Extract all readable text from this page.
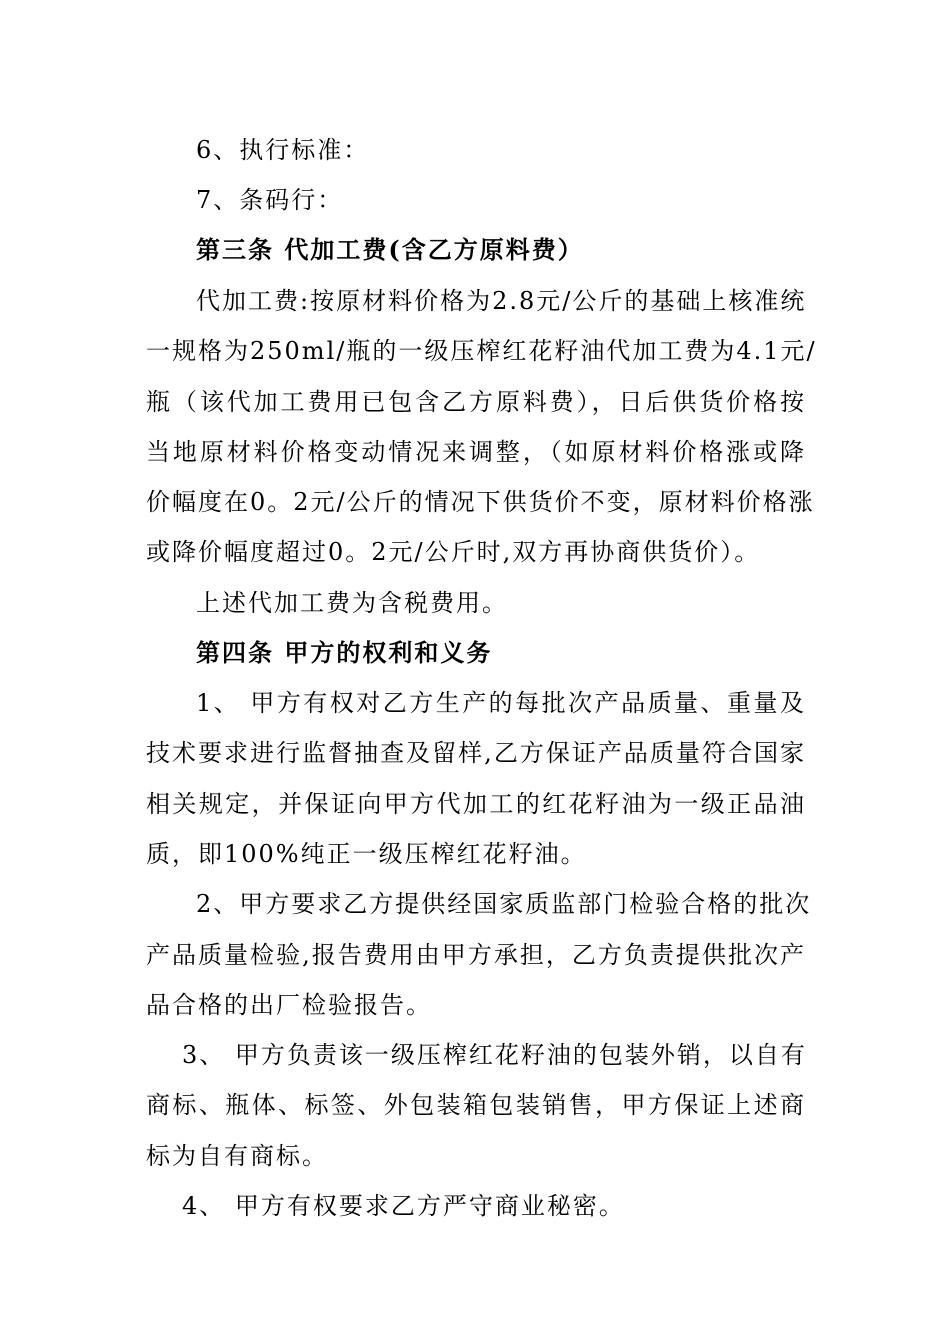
6、执行标准：
7、条码行：
第三条 代加工费(含乙方原料费）
代加工费:按原材料价格为2.8元/公斤的基础上核准统
一规格为250ml/瓶的一级压榨红花籽油代加工费为4.1元/
瓶（该代加工费用已包含乙方原料费），日后供货价格按
当地原材料价格变动情况来调整，（如原材料价格涨或降
价幅度在0。2元/公斤的情况下供货价不变，原材料价格涨
或降价幅度超过0。2元/公斤时,双方再协商供货价）。
上述代加工费为含税费用。
第四条 甲方的权利和义务
1、 甲方有权对乙方生产的每批次产品质量、重量及
技术要求进行监督抽查及留样,乙方保证产品质量符合国家
相关规定，并保证向甲方代加工的红花籽油为一级正品油
质，即100%纯正一级压榨红花籽油。
2、甲方要求乙方提供经国家质监部门检验合格的批次
产品质量检验,报告费用由甲方承担，乙方负责提供批次产
品合格的出厂检验报告。
3、 甲方负责该一级压榨红花籽油的包装外销，以自有
商标、瓶体、标签、外包装箱包装销售，甲方保证上述商
标为自有商标。
4、 甲方有权要求乙方严守商业秘密。
